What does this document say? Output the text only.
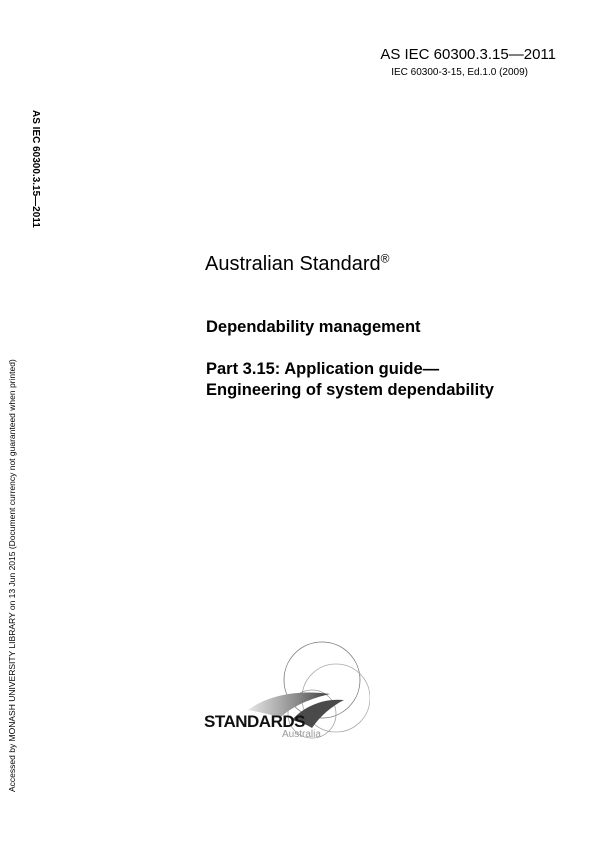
AS IEC 60300.3.15—2011
IEC 60300-3-15, Ed.1.0 (2009)
AS IEC 60300.3.15—2011
Accessed by MONASH UNIVERSITY LIBRARY on 13 Jun 2015 (Document currency not guaranteed when printed)
Australian Standard®
Dependability management
Part 3.15: Application guide—
Engineering of system dependability
STANDARDS
Australia
